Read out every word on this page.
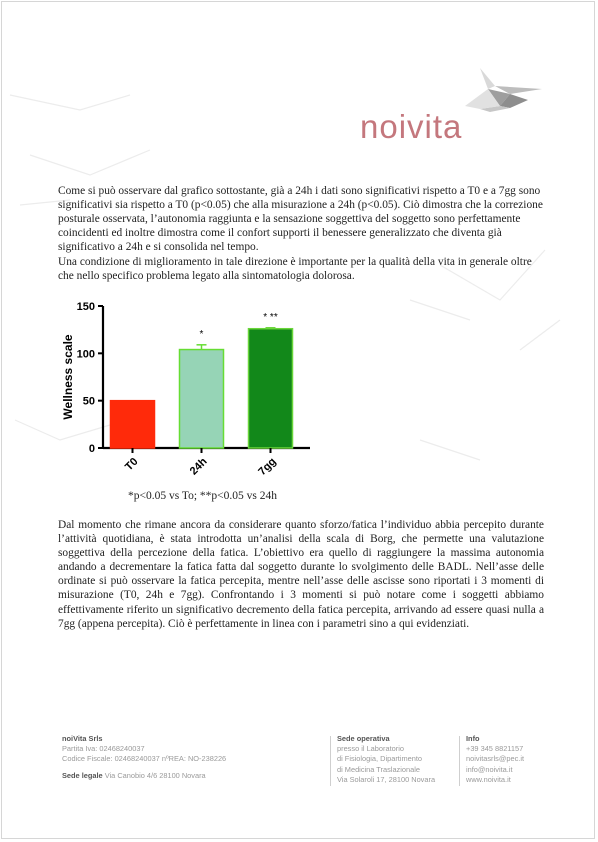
noivita

Come si può osservare dal grafico sottostante, già a 24h i dati sono significativi rispetto a T0 e a 7gg sono significativi sia rispetto a T0 (p<0.05) che alla misurazione a 24h (p<0.05). Ciò dimostra che la correzione posturale osservata, l’autonomia raggiunta e la sensazione soggettiva del soggetto sono perfettamente coincidenti ed inoltre dimostra come il confort supporti il benessere generalizzato che diventa già significativo a 24h e si consolida nel tempo.

Una condizione di miglioramento in tale direzione è importante per la qualità della vita in generale oltre che nello specifico problema legato alla sintomatologia dolorosa.

0
50
100
150
Wellness scale
T0	24h
*
7gg
* **
*p<0.05 vs To; **p<0.05 vs 24h

Dal momento che rimane ancora da considerare quanto sforzo/fatica l’individuo abbia percepito durante l’attività quotidiana, è stata introdotta un’analisi della scala di Borg, che permette una valutazione soggettiva della percezione della fatica. L’obiettivo era quello di raggiungere la massima autonomia andando a decrementare la fatica fatta dal soggetto durante lo svolgimento delle BADL. Nell’asse delle ordinate si può osservare la fatica percepita, mentre nell’asse delle ascisse sono riportati i 3 momenti di misurazione (T0, 24h e 7gg). Confrontando i 3 momenti si può notare come i soggetti abbiamo effettivamente riferito un significativo decremento della fatica percepita, arrivando ad essere quasi nulla a 7gg (appena percepita). Ciò è perfettamente in linea con i parametri sino a qui evidenziati.

noiVita Srls
Partita Iva: 02468240037
Codice Fiscale: 02468240037 nºREA: NO-238226
Sede legale Via Canobio 4/6 28100 Novara
Sede operativa
presso il Laboratorio
di Fisiologia, Dipartimento
di Medicina Traslazionale
Via Solaroli 17, 28100 Novara
Info
+39 345 8821157
noivitasrls@pec.it
info@noivita.it
www.noivita.it
